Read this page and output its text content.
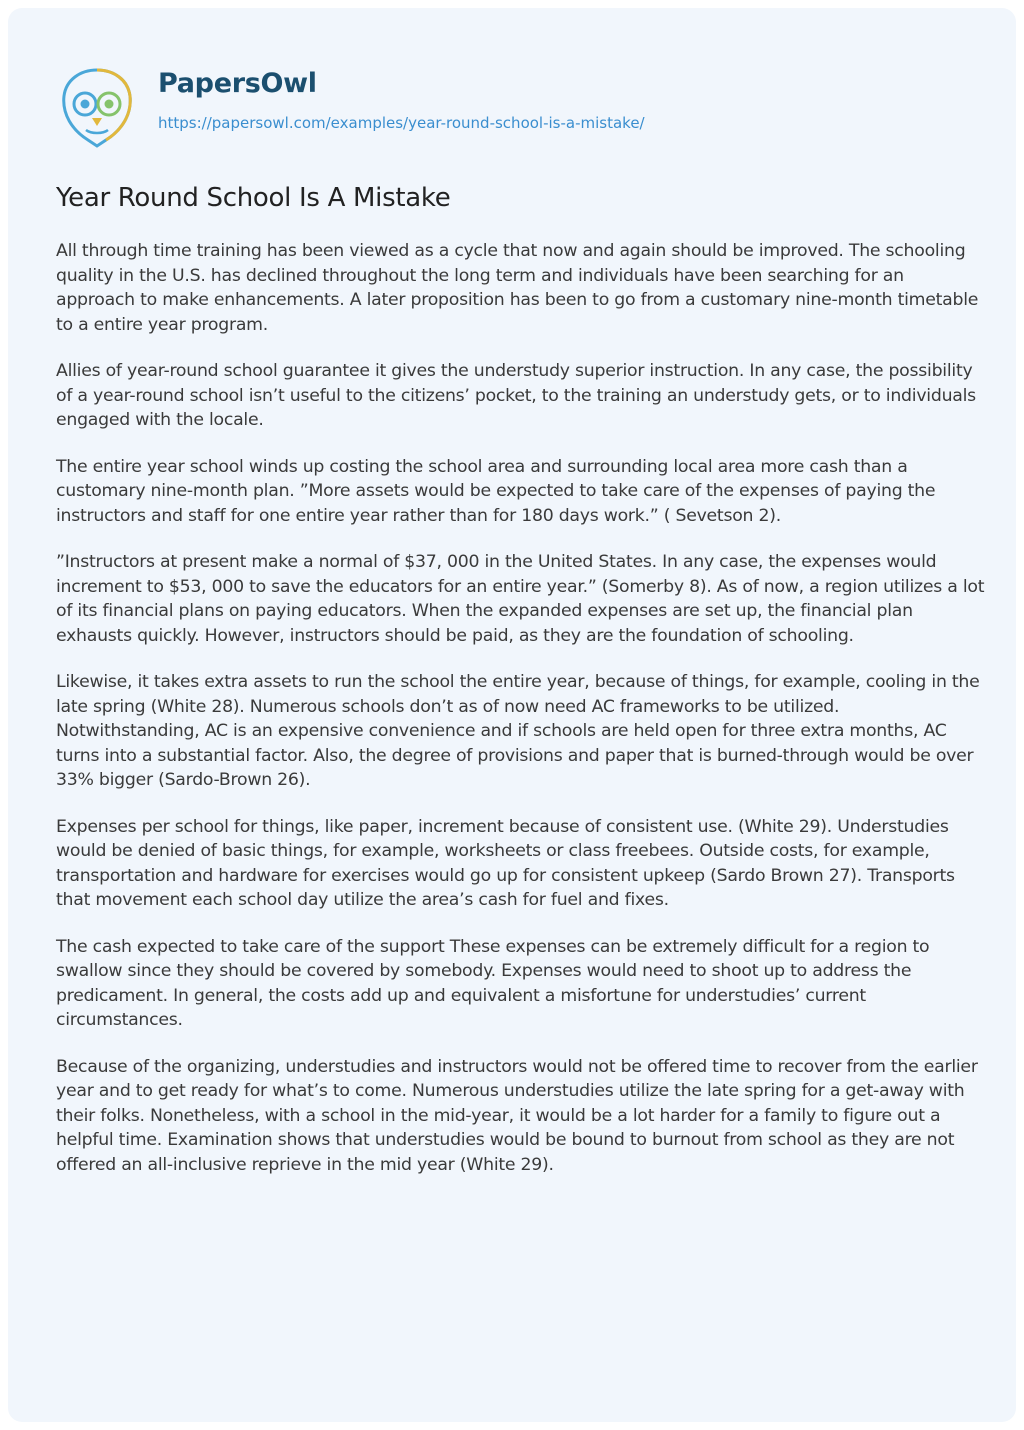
PapersOwl
https://papersowl.com/examples/year-round-school-is-a-mistake/
Year Round School Is A Mistake

All through time training has been viewed as a cycle that now and again should be improved. The schooling quality in the U.S. has declined throughout the long term and individuals have been searching for an approach to make enhancements. A later proposition has been to go from a customary nine-month timetable to a entire year program.

Allies of year-round school guarantee it gives the understudy superior instruction. In any case, the possibility of a year-round school isn’t useful to the citizens’ pocket, to the training an understudy gets, or to individuals engaged with the locale.

The entire year school winds up costing the school area and surrounding local area more cash than a customary nine-month plan. ”More assets would be expected to take care of the expenses of paying the instructors and staff for one entire year rather than for 180 days work.” ( Sevetson 2).

”Instructors at present make a normal of $37, 000 in the United States. In any case, the expenses would increment to $53, 000 to save the educators for an entire year.” (Somerby 8). As of now, a region utilizes a lot of its financial plans on paying educators. When the expanded expenses are set up, the financial plan exhausts quickly. However, instructors should be paid, as they are the foundation of schooling.

Likewise, it takes extra assets to run the school the entire year, because of things, for example, cooling in the late spring (White 28). Numerous schools don’t as of now need AC frameworks to be utilized. Notwithstanding, AC is an expensive convenience and if schools are held open for three extra months, AC turns into a substantial factor. Also, the degree of provisions and paper that is burned-through would be over 33% bigger (Sardo-Brown 26).

Expenses per school for things, like paper, increment because of consistent use. (White 29). Understudies would be denied of basic things, for example, worksheets or class freebees. Outside costs, for example, transportation and hardware for exercises would go up for consistent upkeep (Sardo Brown 27). Transports that movement each school day utilize the area’s cash for fuel and fixes.

The cash expected to take care of the support These expenses can be extremely difficult for a region to swallow since they should be covered by somebody. Expenses would need to shoot up to address the predicament. In general, the costs add up and equivalent a misfortune for understudies’ current circumstances.

Because of the organizing, understudies and instructors would not be offered time to recover from the earlier year and to get ready for what’s to come. Numerous understudies utilize the late spring for a get-away with their folks. Nonetheless, with a school in the mid-year, it would be a lot harder for a family to figure out a helpful time. Examination shows that understudies would be bound to burnout from school as they are not offered an all-inclusive reprieve in the mid year (White 29).
